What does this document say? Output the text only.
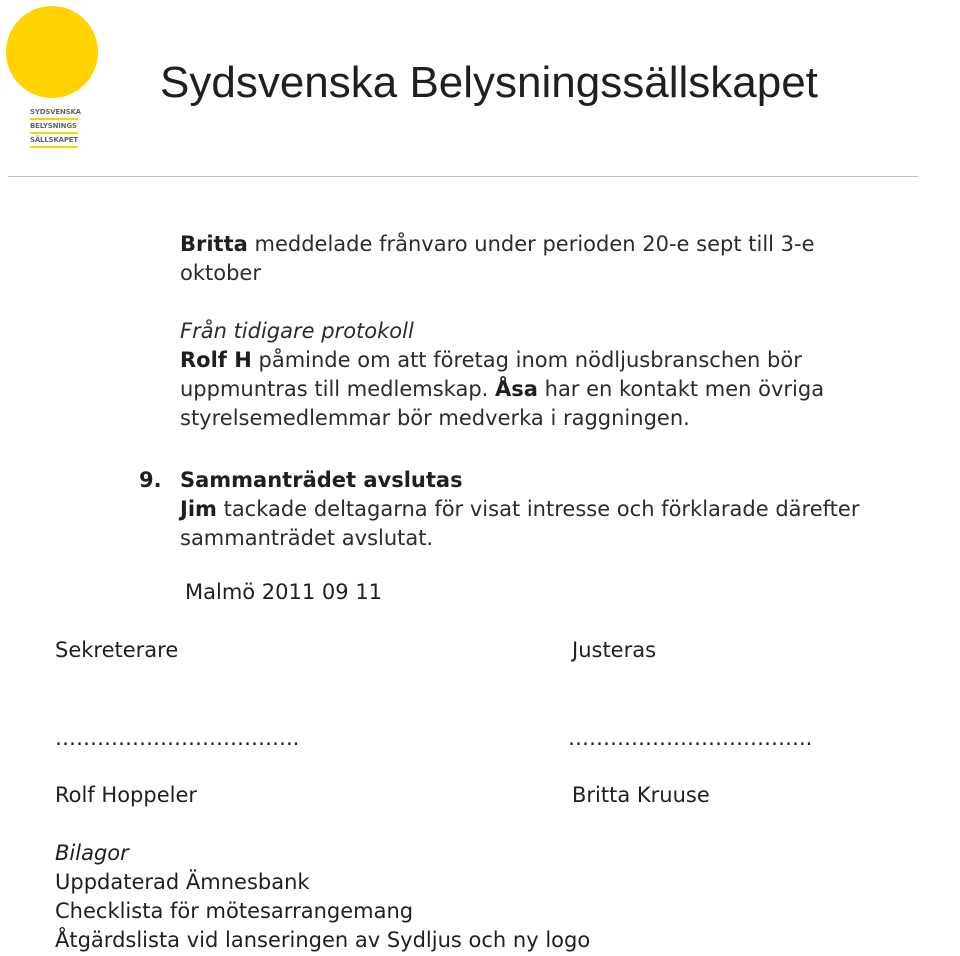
SYDSVENSKA
BELYSNINGS
SÄLLSKAPET
Sydsvenska Belysningssällskapet
Britta meddelade frånvaro under perioden 20-e sept till 3-e
oktober
Från tidigare protokoll
Rolf H påminde om att företag inom nödljusbranschen bör
uppmuntras till medlemskap. Åsa har en kontakt men övriga
styrelsemedlemmar bör medverka i raggningen.
9. Sammanträdet avslutas
Jim tackade deltagarna för visat intresse och förklarade därefter
sammanträdet avslutat.
Malmö 2011 09 11
Sekreterare	Justeras
……………………………..	……………………………..
Rolf Hoppeler	Britta Kruuse
Bilagor
Uppdaterad Ämnesbank
Checklista för mötesarrangemang
Åtgärdslista vid lanseringen av Sydljus och ny logo
